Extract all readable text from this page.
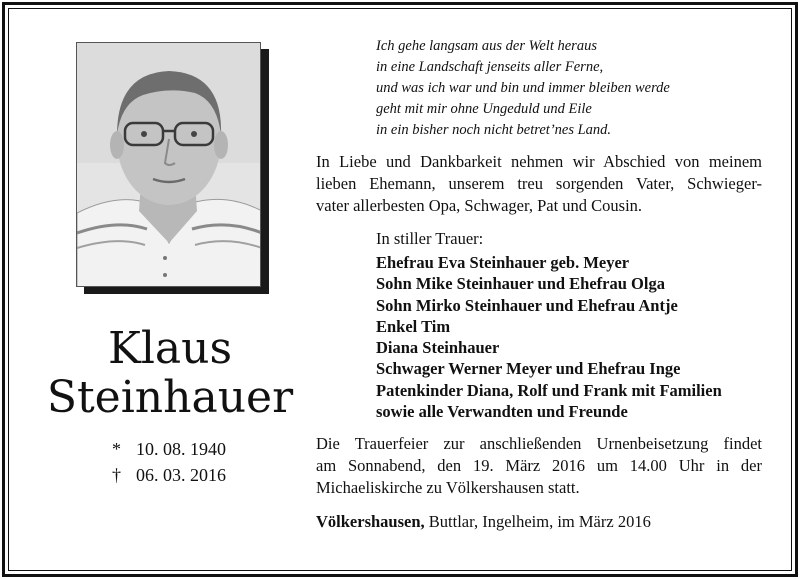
Klaus
Steinhauer
* 10. 08. 1940
† 06. 03. 2016
Ich gehe langsam aus der Welt heraus
in eine Landschaft jenseits aller Ferne,
und was ich war und bin und immer bleiben werde
geht mit mir ohne Ungeduld und Eile
in ein bisher noch nicht betret’nes Land.
In Liebe und Dankbarkeit nehmen wir Abschied von meinem
lieben Ehemann, unserem treu sorgenden Vater, Schwieger-
vater allerbesten Opa, Schwager, Pat und Cousin.
In stiller Trauer:
Ehefrau Eva Steinhauer geb. Meyer
Sohn Mike Steinhauer und Ehefrau Olga
Sohn Mirko Steinhauer und Ehefrau Antje
Enkel Tim
Diana Steinhauer
Schwager Werner Meyer und Ehefrau Inge
Patenkinder Diana, Rolf und Frank mit Familien
sowie alle Verwandten und Freunde
Die Trauerfeier zur anschließenden Urnenbeisetzung findet
am Sonnabend, den 19. März 2016 um 14.00 Uhr in der
Michaeliskirche zu Völkershausen statt.
Völkershausen, Buttlar, Ingelheim, im März 2016
